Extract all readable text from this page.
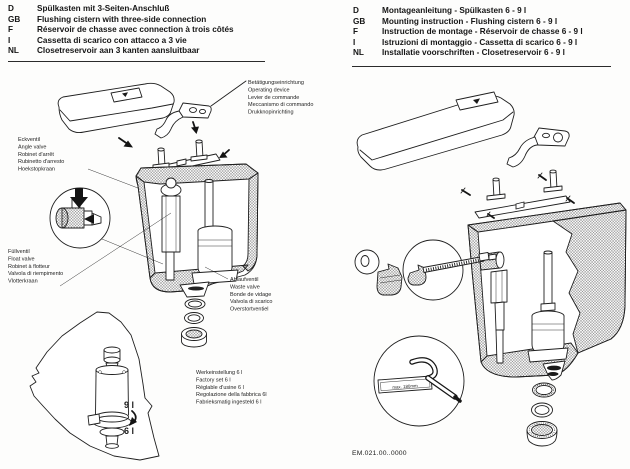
D	Spülkasten mit 3-Seiten-Anschluß
GB	Flushing cistern with three-side connection
F	Réservoir de chasse avec connection à trois côtés
I	Cassetta di scarico con attacco a 3 vie
NL	Closetreservoir aan 3 kanten aansluitbaar
D	Montageanleitung - Spülkasten 6 - 9 l
GB	Mounting instruction - Flushing cistern 6 - 9 l
F	Instruction de montage - Réservoir de chasse 6 - 9 l
I	Istruzioni di montaggio - Cassetta di scarico 6 - 9 l
NL	Installatie voorschriften - Closetreservoir 6 - 9 l
Betätigungseinrichtung
Operating device
Levier de commande
Meccanismo di commando
Drukknopinrichting
Eckventil
Angle valve
Robinet d'arrêt
Rubinetto d'arresto
Hoekstopkraan
Ablaufventil
Waste valve
Bonde de vidage
Valvola di scarico
Overstortventiel
Füllventil
Float valve
Robinet à flotteur
Valvola di riempimento
Vlotterkraan
9 l
6 l
Werkeinstellung 6 l
Factory set 6 l
Réglable d'usine 6 l
Regolazione della fabbrica 6l
Fabrieksmatig ingesteld 6 l
max. 180mm
EM.021.00..0000
